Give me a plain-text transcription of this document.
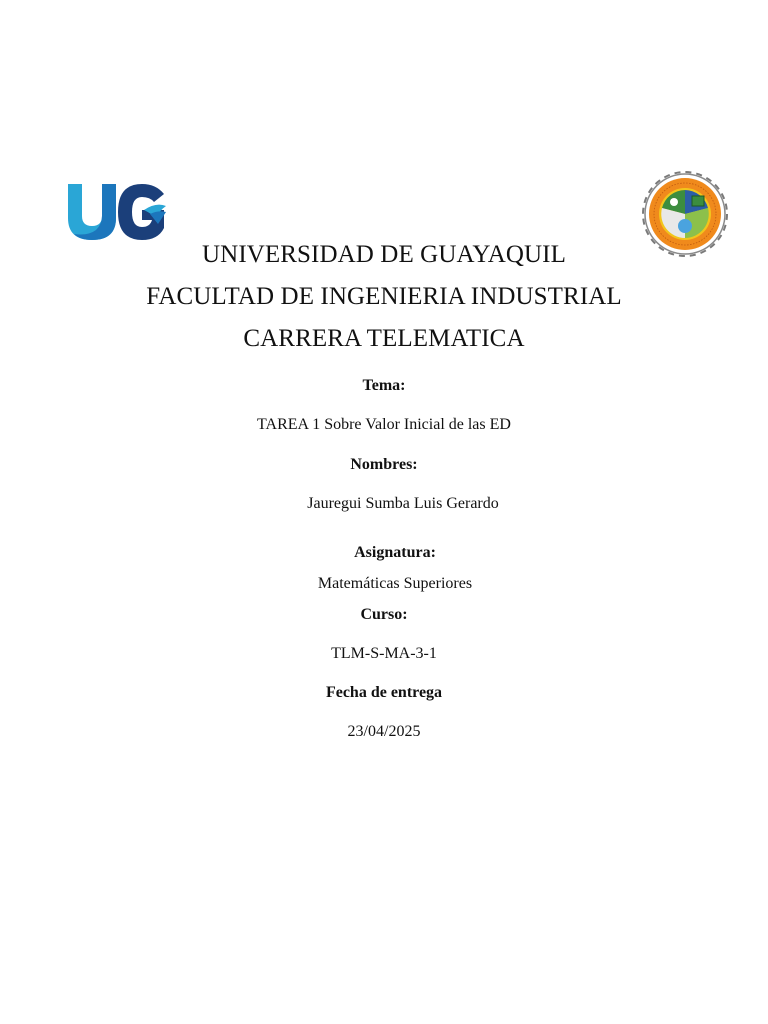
UNIVERSIDAD DE GUAYAQUIL
FACULTAD DE INGENIERIA INDUSTRIAL
CARRERA TELEMATICA
Tema:
TAREA 1 Sobre Valor Inicial de las ED
Nombres:
Jauregui Sumba Luis Gerardo
Asignatura:
Matemáticas Superiores
Curso:
TLM-S-MA-3-1
Fecha de entrega
23/04/2025
